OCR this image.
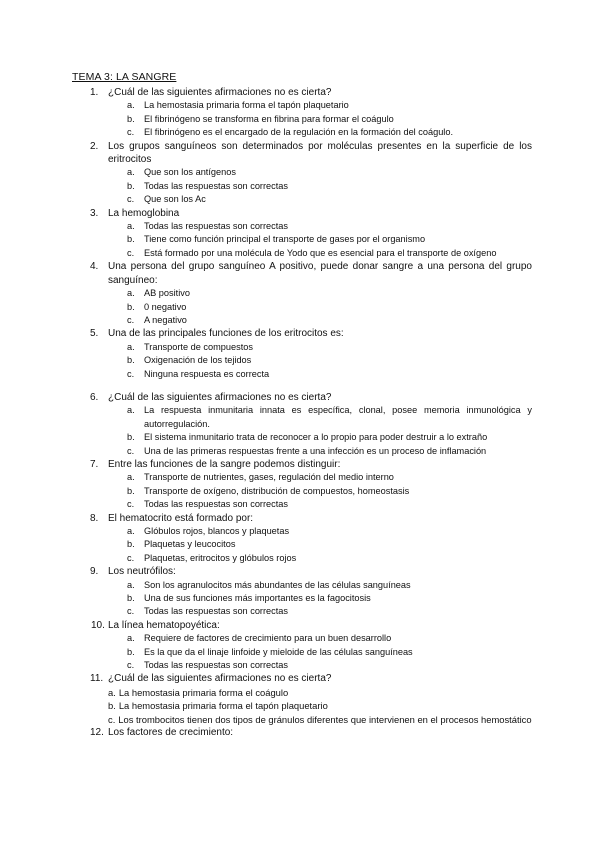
TEMA 3: LA SANGRE
1. ¿Cuál de las siguientes afirmaciones no es cierta?
a. La hemostasia primaria forma el tapón plaquetario
b. El fibrinógeno se transforma en fibrina para formar el coágulo
c. El fibrinógeno es el encargado de la regulación en la formación del coágulo.
2. Los grupos sanguíneos son determinados por moléculas presentes en la superficie de los eritrocitos
a. Que son los antígenos
b. Todas las respuestas son correctas
c. Que son los Ac
3. La hemoglobina
a. Todas las respuestas son correctas
b. Tiene como función principal el transporte de gases por el organismo
c. Está formado por una molécula de Yodo que es esencial para el transporte de oxígeno
4. Una persona del grupo sanguíneo A positivo, puede donar sangre a una persona del grupo sanguíneo:
a. AB positivo
b. 0 negativo
c. A negativo
5. Una de las principales funciones de los eritrocitos es:
a. Transporte de compuestos
b. Oxigenación de los tejidos
c. Ninguna respuesta es correcta
6. ¿Cuál de las siguientes afirmaciones no es cierta?
a. La respuesta inmunitaria innata es específica, clonal, posee memoria inmunológica y autorregulación.
b. El sistema inmunitario trata de reconocer a lo propio para poder destruir a lo extraño
c. Una de las primeras respuestas frente a una infección es un proceso de inflamación
7. Entre las funciones de la sangre podemos distinguir:
a. Transporte de nutrientes, gases, regulación del medio interno
b. Transporte de oxígeno, distribución de compuestos, homeostasis
c. Todas las respuestas son correctas
8. El hematocrito está formado por:
a. Glóbulos rojos, blancos y plaquetas
b. Plaquetas y leucocitos
c. Plaquetas, eritrocitos y glóbulos rojos
9. Los neutrófilos:
a. Son los agranulocitos más abundantes de las células sanguíneas
b. Una de sus funciones más importantes es la fagocitosis
c. Todas las respuestas son correctas
10. La línea hematopoyética:
a. Requiere de factores de crecimiento para un buen desarrollo
b. Es la que da el linaje linfoide y mieloide de las células sanguíneas
c. Todas las respuestas son correctas
11. ¿Cuál de las siguientes afirmaciones no es cierta?
a. La hemostasia primaria forma el coágulo
b. La hemostasia primaria forma el tapón plaquetario
c. Los trombocitos tienen dos tipos de gránulos diferentes que intervienen en el procesos hemostático
12. Los factores de crecimiento:
